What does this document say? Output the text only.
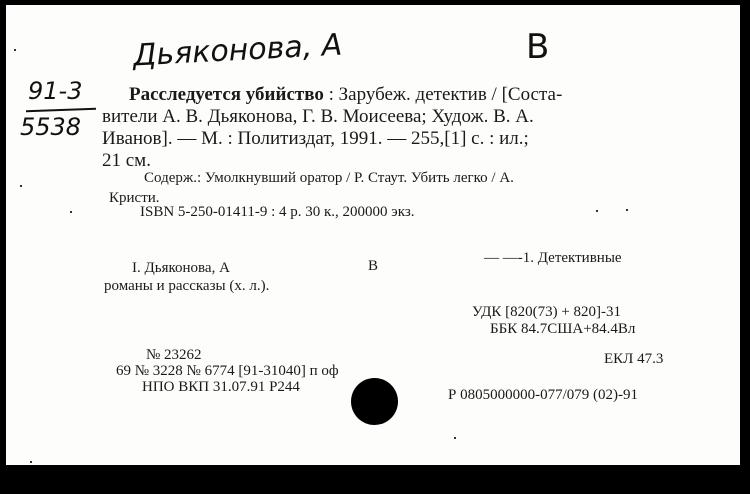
Дьяконова, А	В
91-3
5538
Расследуется убийство : Зарубеж. детектив / [Соста-
вители А. В. Дьяконова, Г. В. Моисеева; Худож. В. А.
Иванов]. — М. : Политиздат, 1991. — 255,[1] с. : ил.;
21 см.
Содерж.: Умолкнувший оратор / Р. Стаут. Убить легко / А.
Кристи.
ISBN 5-250-01411-9 : 4 р. 30 к., 200000 экз.
I. Дьяконова, А	В	— —-1. Детективные
романы и рассказы (х. л.).
УДК [820(73) + 820]-31
ББК 84.7США+84.4Вл
ЕКЛ 47.3
№ 23262
69 № 3228 № 6774 [91-31040] п оф
НПО ВКП 31.07.91 Р244	Р 0805000000-077/079 (02)-91
